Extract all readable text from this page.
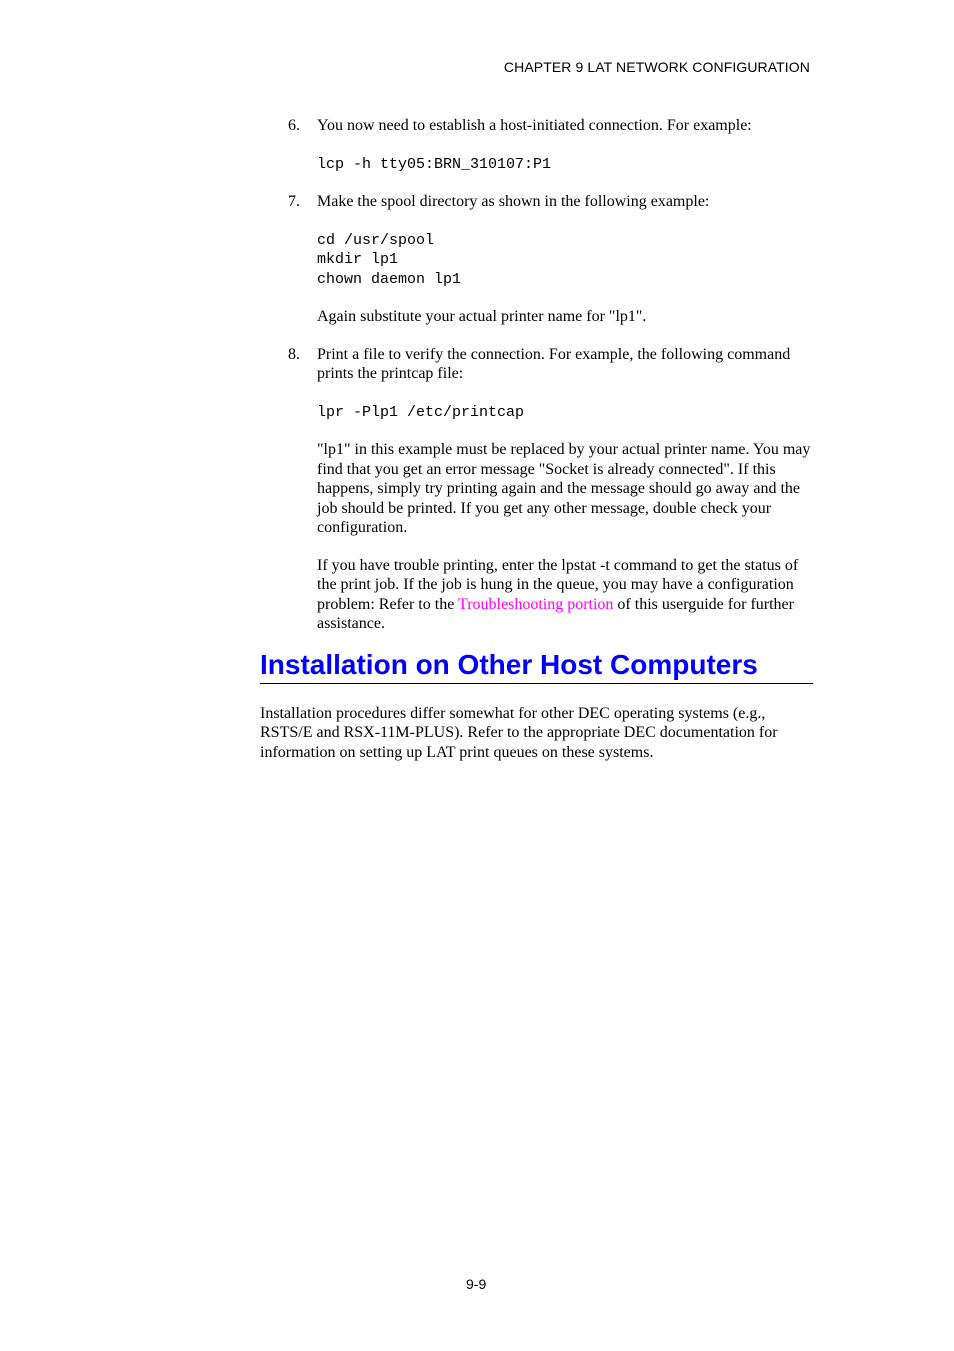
CHAPTER 9 LAT NETWORK CONFIGURATION
6. You now need to establish a host-initiated connection. For example:

lcp -h tty05:BRN_310107:P1
7. Make the spool directory as shown in the following example:

cd /usr/spool
mkdir lp1
chown daemon lp1

Again substitute your actual printer name for "lp1".

8. Print a file to verify the connection. For example, the following command prints the printcap file:

lpr -Plp1 /etc/printcap

"lp1" in this example must be replaced by your actual printer name. You may find that you get an error message "Socket is already connected". If this happens, simply try printing again and the message should go away and the job should be printed. If you get any other message, double check your configuration.

If you have trouble printing, enter the lpstat -t command to get the status of the print job. If the job is hung in the queue, you may have a configuration problem: Refer to the Troubleshooting portion of this userguide for further assistance.

Installation on Other Host Computers

Installation procedures differ somewhat for other DEC operating systems (e.g., RSTS/E and RSX-11M-PLUS). Refer to the appropriate DEC documentation for information on setting up LAT print queues on these systems.

9-9
